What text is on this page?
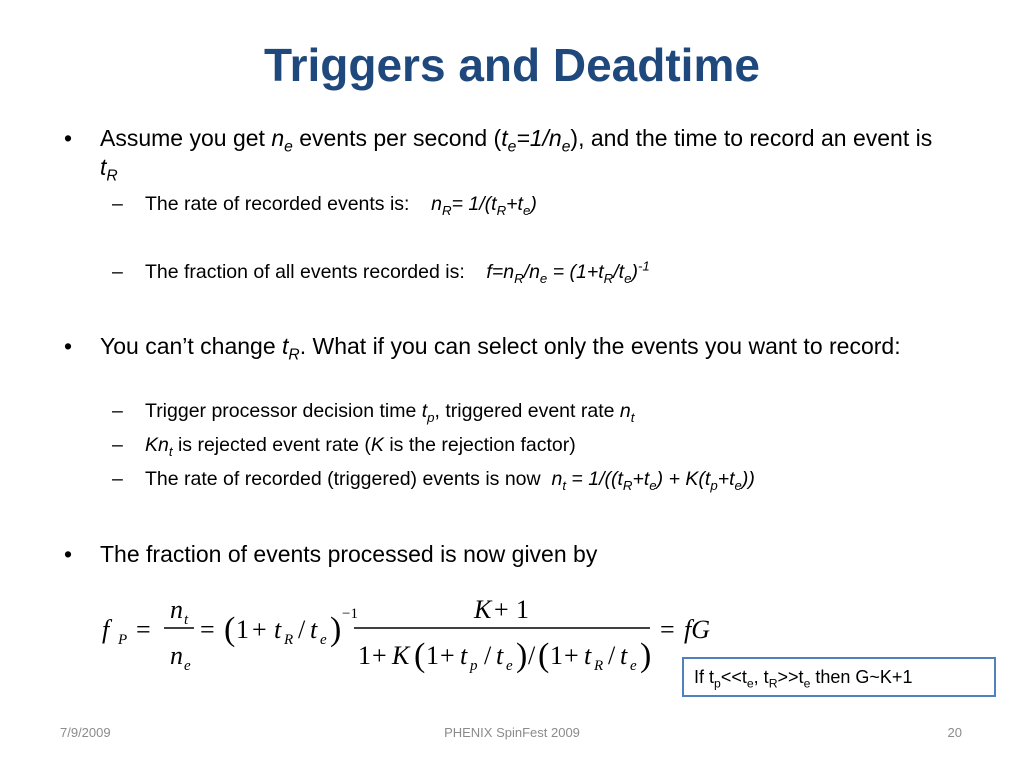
Triggers and Deadtime
•	Assume you get $n_e$ events per second $(t_e=1/n_e)$, and the time to record an event is $t_R$
– The rate of recorded events is: $n_R= 1/(t_R+t_e)$
– The fraction of all events recorded is: $f=n_R/n_e = (1+t_R/t_e)^{-1}$
•	You can’t change $t_R$. What if you can select only the events you want to record:
– Trigger processor decision time $t_p$, triggered event rate $n_t$
– $Kn_t$ is rejected event rate (K is the rejection factor)
– The rate of recorded (triggered) events is now $n_t = 1/((t_R+t_e) + K(t_p+t_e))$
•	The fraction of events processed is now given by
f P =
n t
n e
= ( 1 + t R / t e ) −1	K + 1
1 + K ( 1 + t p / t e ) / ( 1 + t R / t e )
= fG
If $t_p<<t_e$, $t_R>>t_e$ then G~K+1
7/9/2009	PHENIX SpinFest 2009	20
